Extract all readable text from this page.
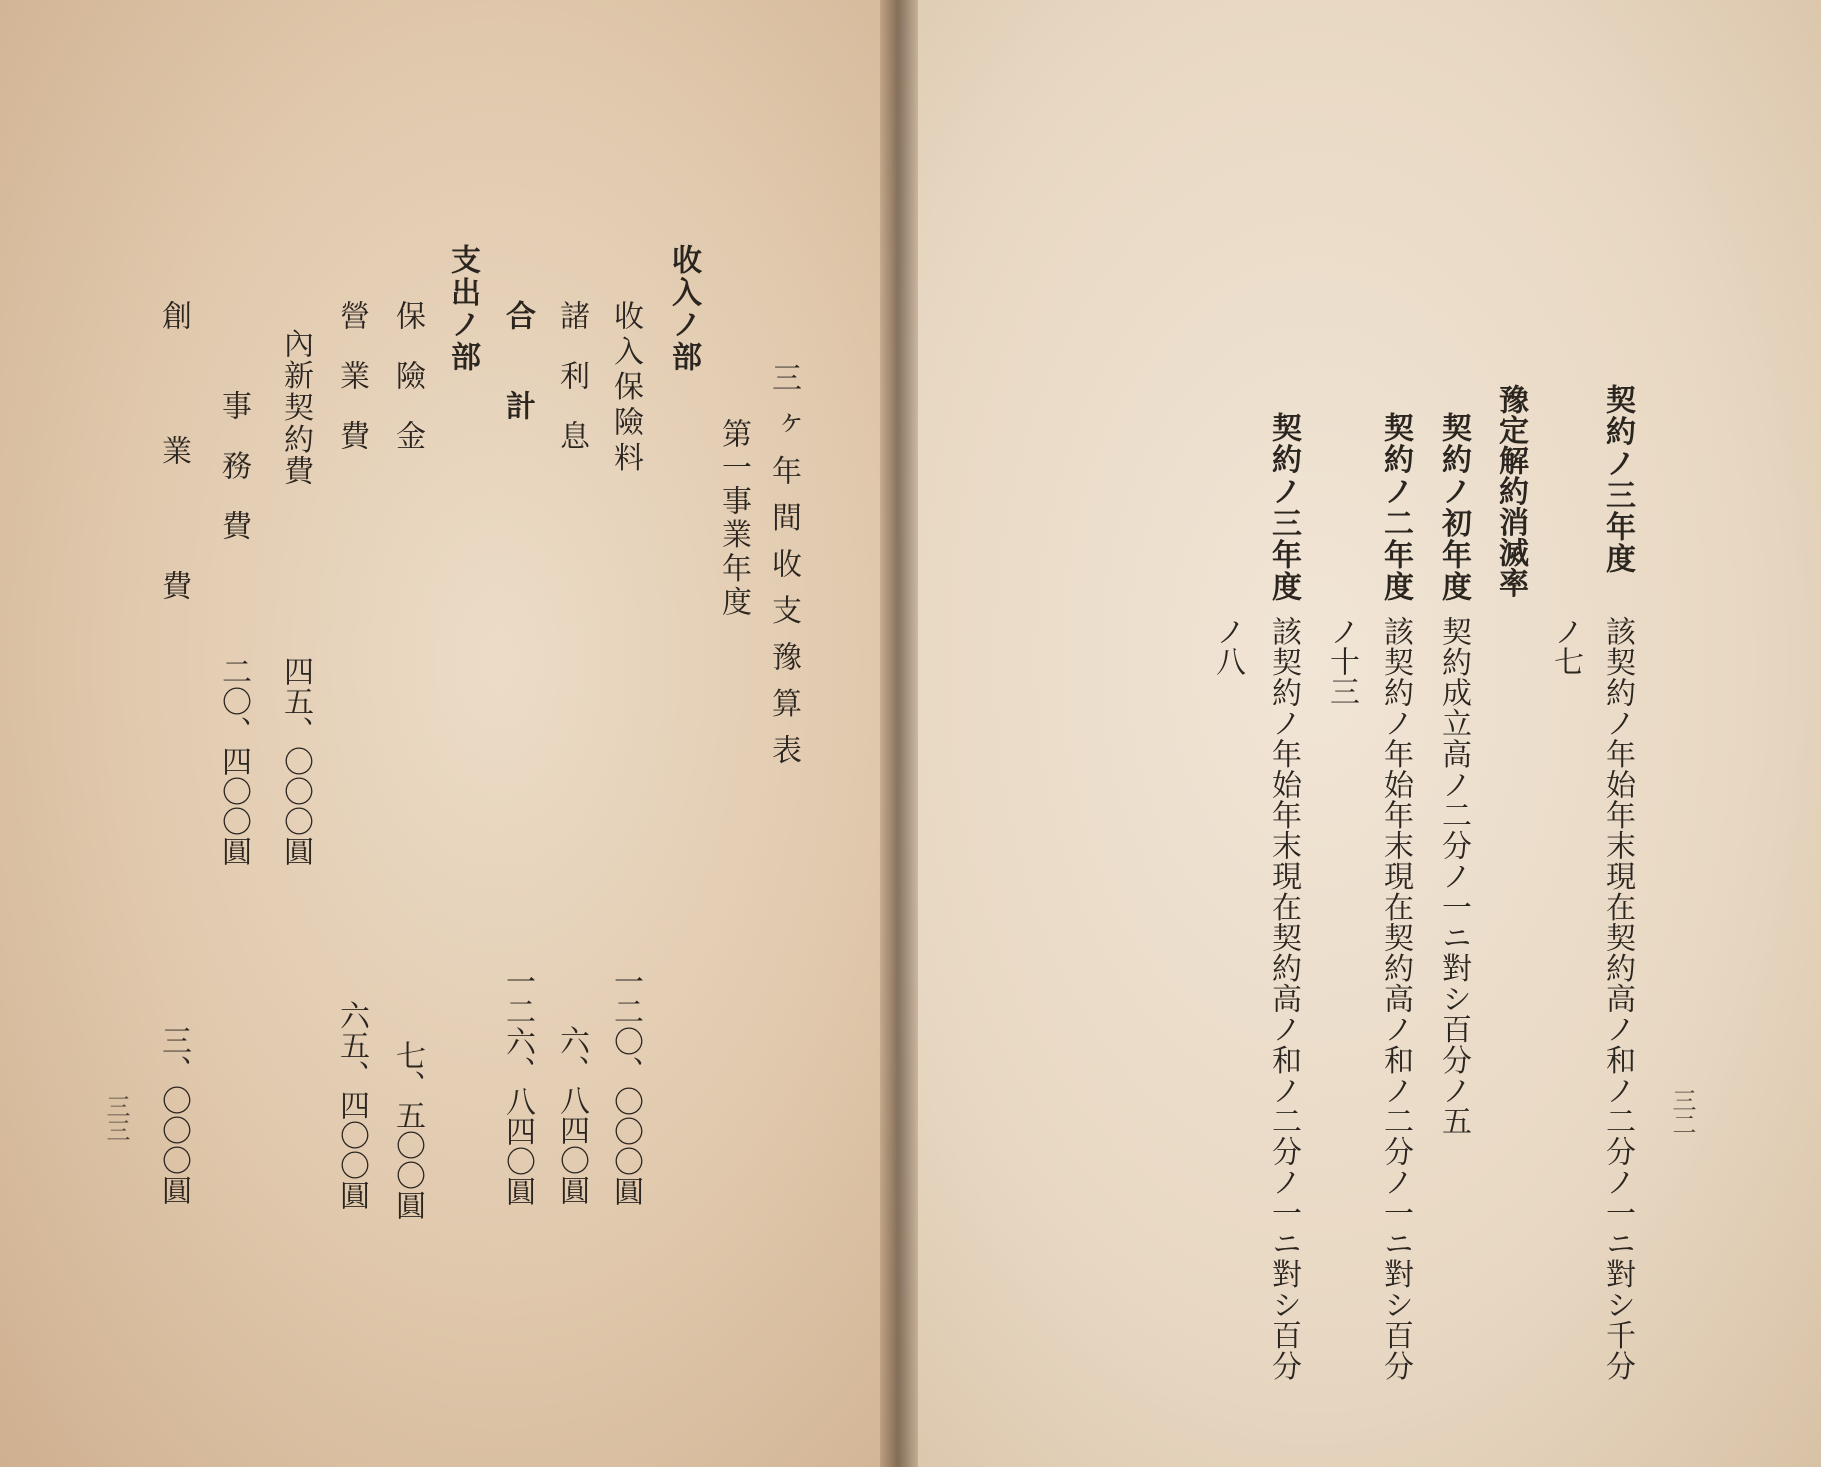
三ヶ年間收支豫算表
第一事業年度
收入ノ部
收入保險料
一二〇、〇〇〇圓
諸　利　息
六、八四〇圓
合　　計
一二六、八四〇圓
支出ノ部
保　險　金
七、五〇〇圓
營　業　費
六五、四〇〇圓
內新契約費
四五、〇〇〇圓
事　務　費
二〇、四〇〇圓
創　業　費
三、〇〇〇圓
三三	三二
契約ノ三年度
該契約ノ年始年末現在契約高ノ和ノ二分ノ一ニ對シ千分
ノ七
豫定解約消滅率
契約ノ初年度
契約成立高ノ二分ノ一ニ對シ百分ノ五
契約ノ二年度
該契約ノ年始年末現在契約高ノ和ノ二分ノ一ニ對シ百分
ノ十三
契約ノ三年度
該契約ノ年始年末現在契約高ノ和ノ二分ノ一ニ對シ百分
ノ八
